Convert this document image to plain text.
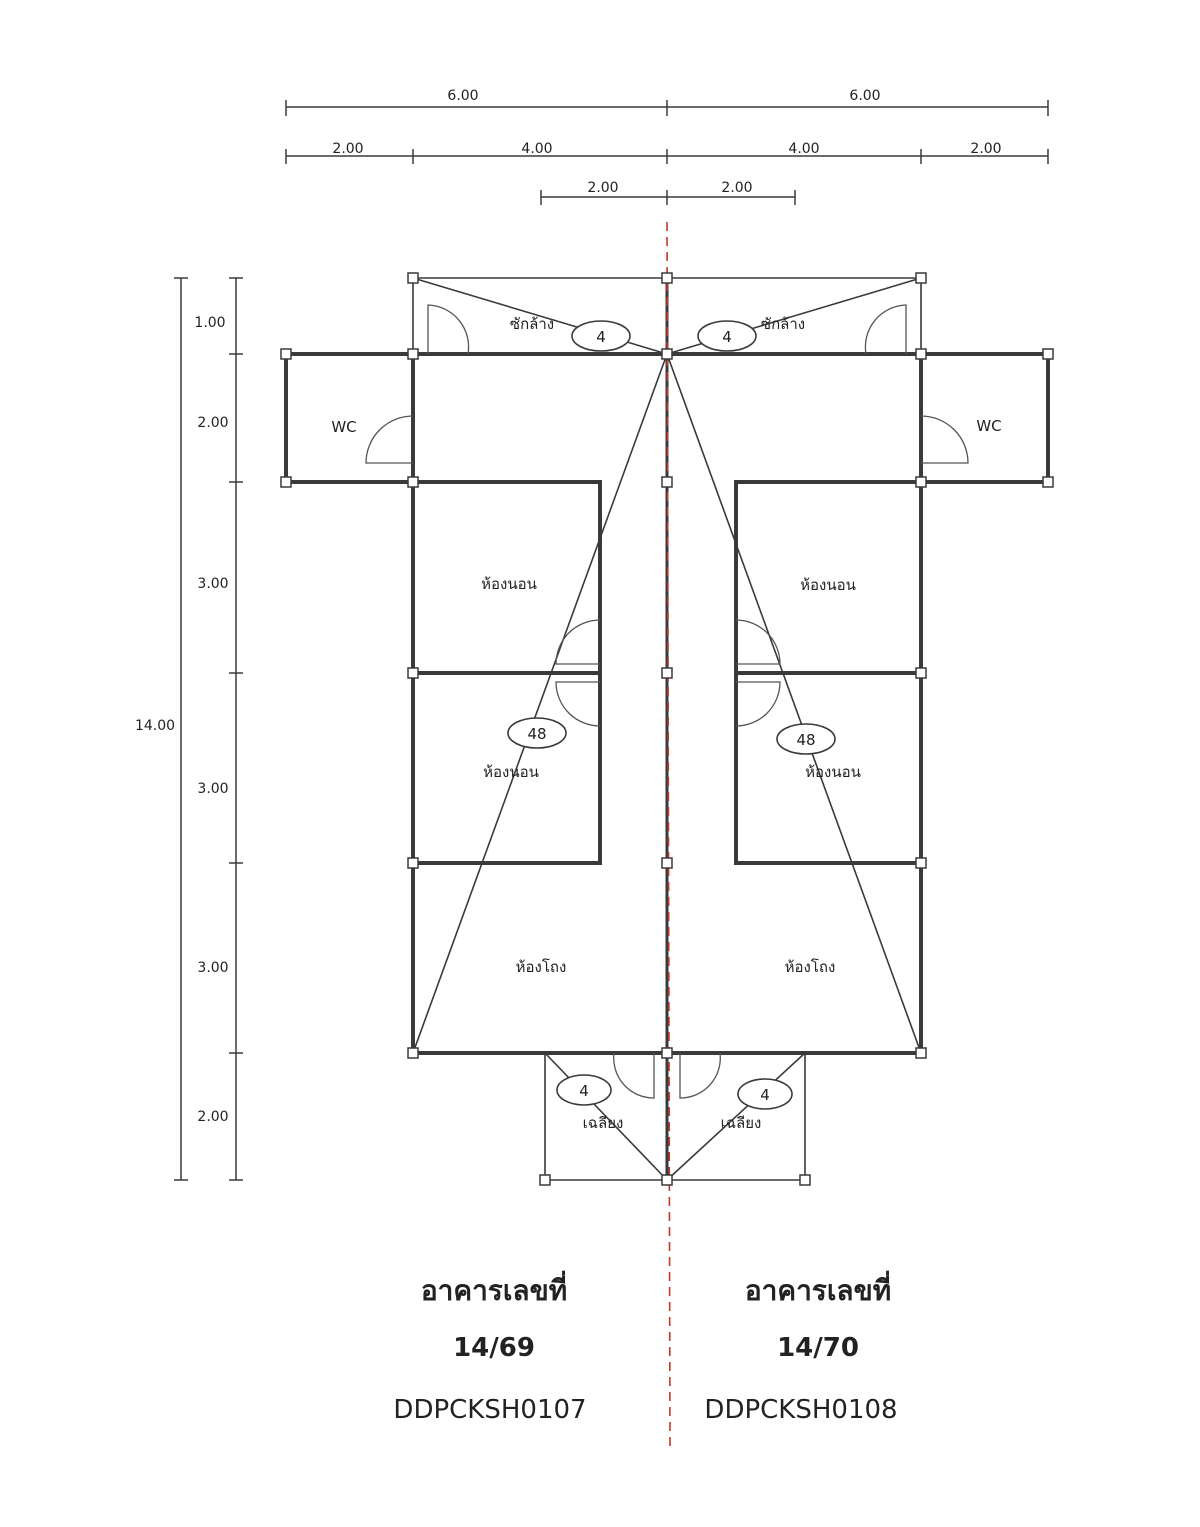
6.00	6.00
2.00	4.00	4.00	2.00
2.00	2.00
14.00
1.00
2.00
3.00
3.00
3.00
2.00
4	4
48	48
4	4
ซักล้าง	ซักล้าง
WC	WC
ห้องนอน	ห้องนอน
ห้องนอน	ห้องนอน
ห้องโถง	ห้องโถง
เฉลียง	เฉลียง
อาคารเลขที่
14/69
DDPCKSH0107
อาคารเลขที่
14/70
DDPCKSH0108
